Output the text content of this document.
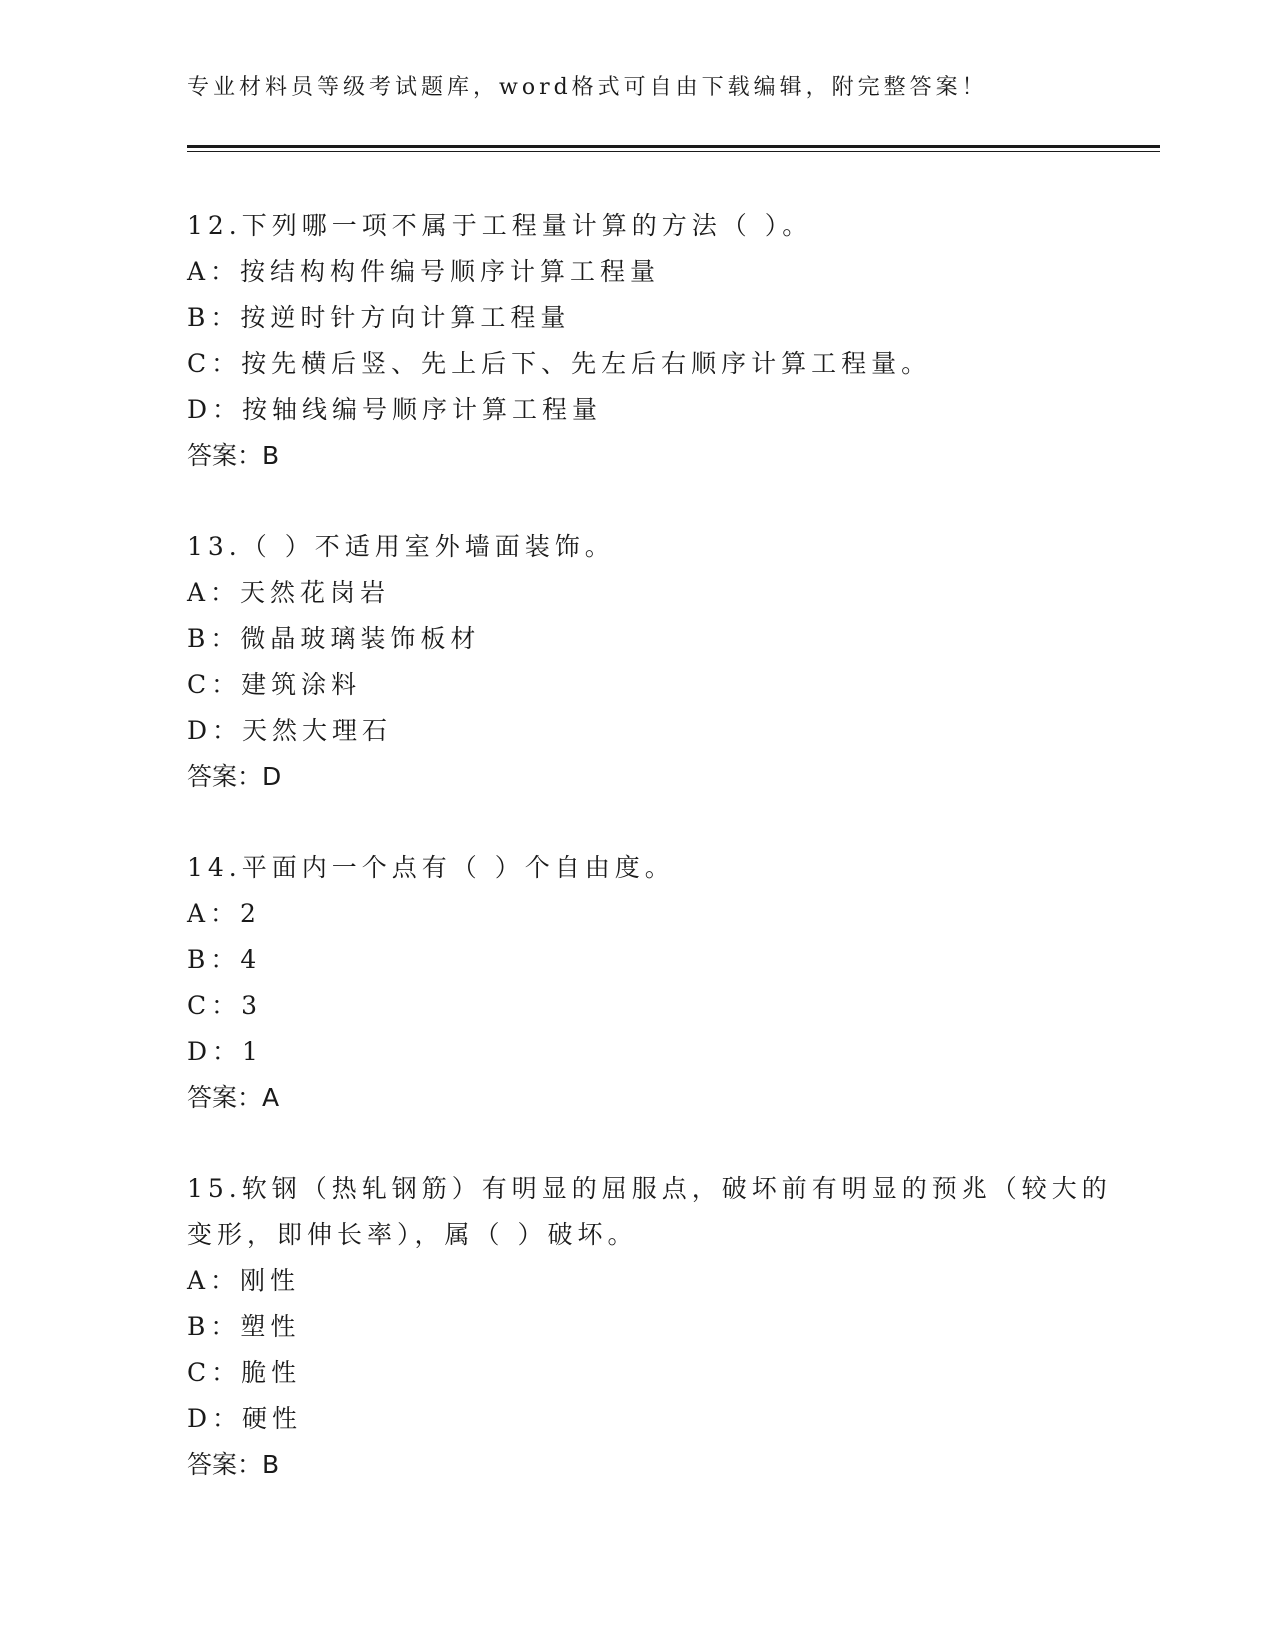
专业材料员等级考试题库，word格式可自由下载编辑，附完整答案！
12.下列哪一项不属于工程量计算的方法（ ）。
A：按结构构件编号顺序计算工程量
B：按逆时针方向计算工程量
C：按先横后竖、先上后下、先左后右顺序计算工程量。
D：按轴线编号顺序计算工程量
答案：B
13.（ ）不适用室外墙面装饰。
A：天然花岗岩
B：微晶玻璃装饰板材
C：建筑涂料
D：天然大理石
答案：D
14.平面内一个点有（ ）个自由度。
A：2
B：4
C：3
D：1
答案：A
15.软钢（热轧钢筋）有明显的屈服点，破坏前有明显的预兆（较大的
变形，即伸长率），属（ ）破坏。
A：刚性
B：塑性
C：脆性
D：硬性
答案：B
